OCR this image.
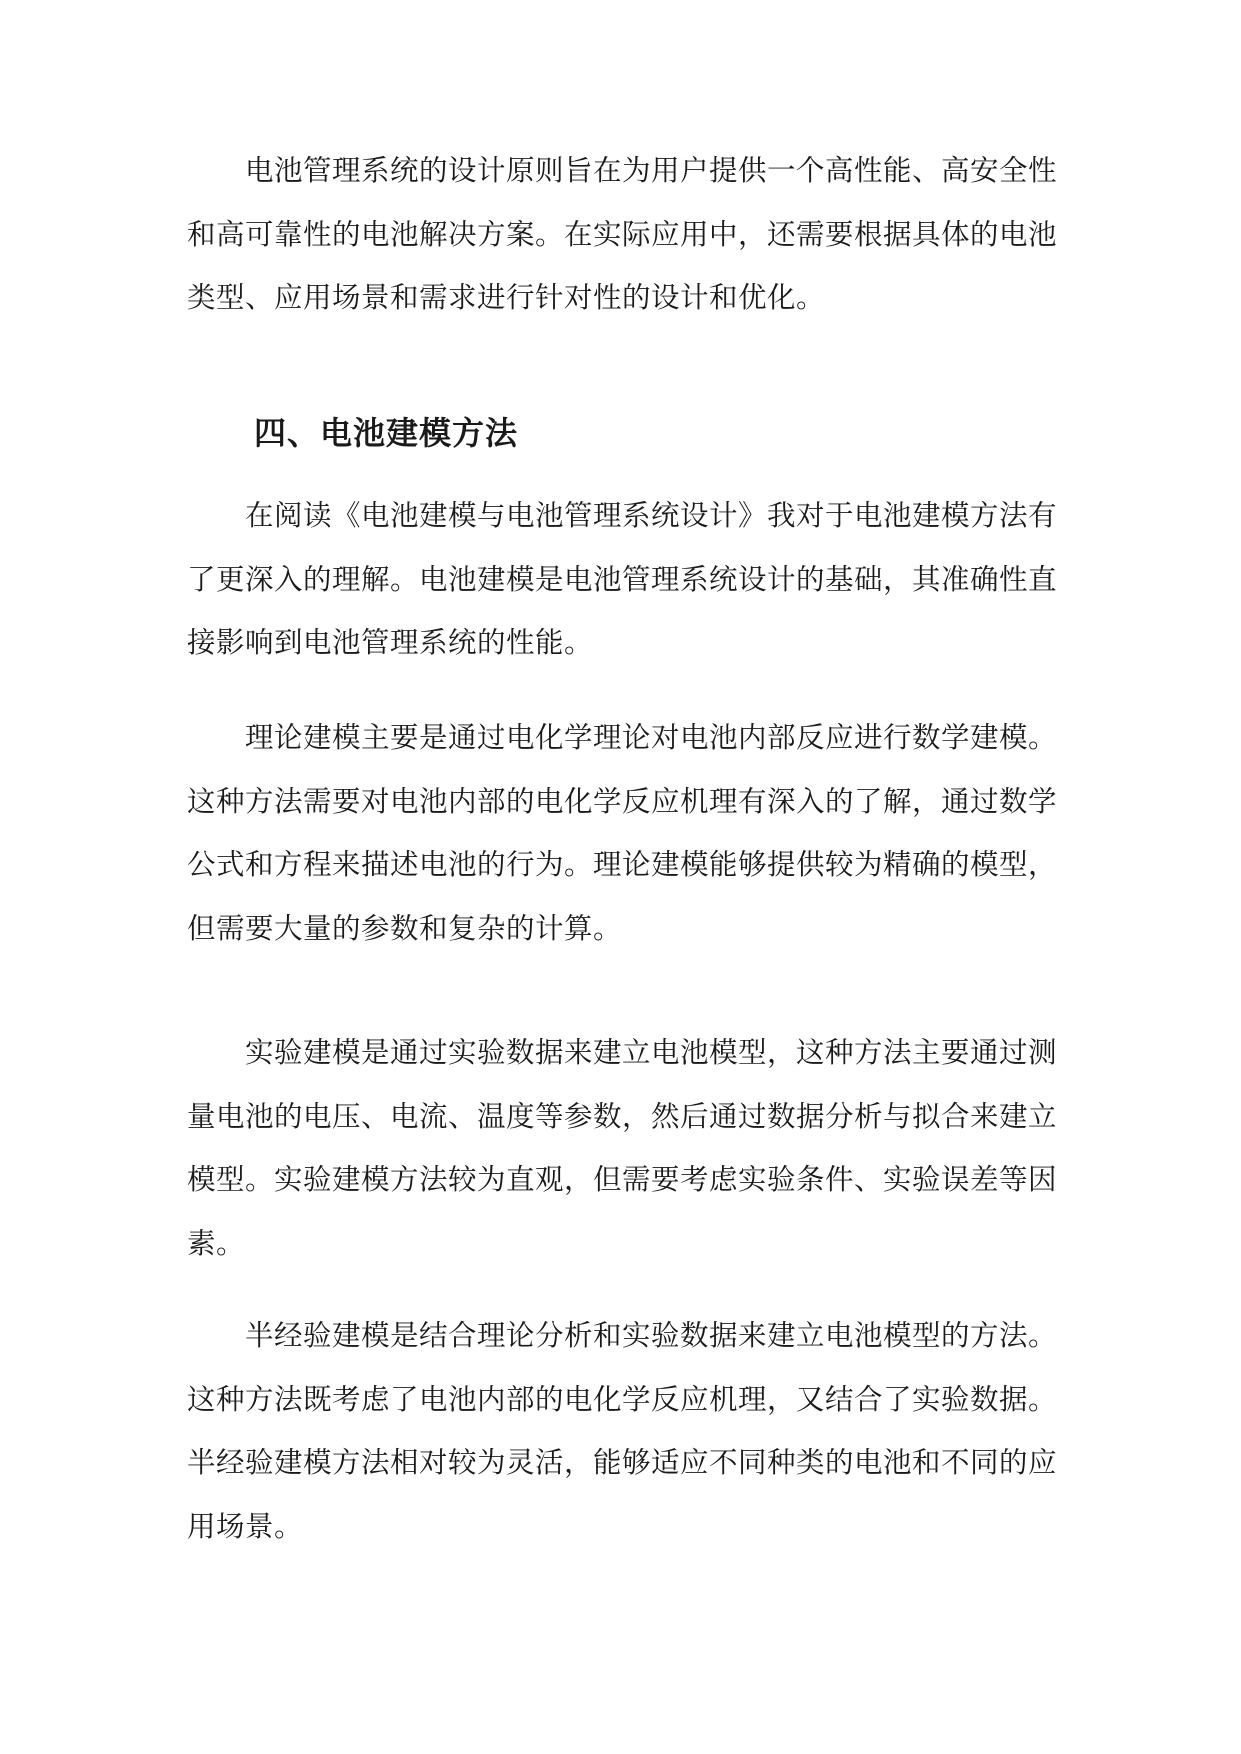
电池管理系统的设计原则旨在为用户提供一个高性能、高安全性和高可靠性的电池解决方案。在实际应用中，还需要根据具体的电池类型、应用场景和需求进行针对性的设计和优化。

四、电池建模方法

在阅读《电池建模与电池管理系统设计》我对于电池建模方法有了更深入的理解。电池建模是电池管理系统设计的基础，其准确性直接影响到电池管理系统的性能。

理论建模主要是通过电化学理论对电池内部反应进行数学建模。这种方法需要对电池内部的电化学反应机理有深入的了解，通过数学公式和方程来描述电池的行为。理论建模能够提供较为精确的模型，但需要大量的参数和复杂的计算。

实验建模是通过实验数据来建立电池模型，这种方法主要通过测量电池的电压、电流、温度等参数，然后通过数据分析与拟合来建立模型。实验建模方法较为直观，但需要考虑实验条件、实验误差等因素。

半经验建模是结合理论分析和实验数据来建立电池模型的方法。这种方法既考虑了电池内部的电化学反应机理，又结合了实验数据。半经验建模方法相对较为灵活，能够适应不同种类的电池和不同的应用场景。
